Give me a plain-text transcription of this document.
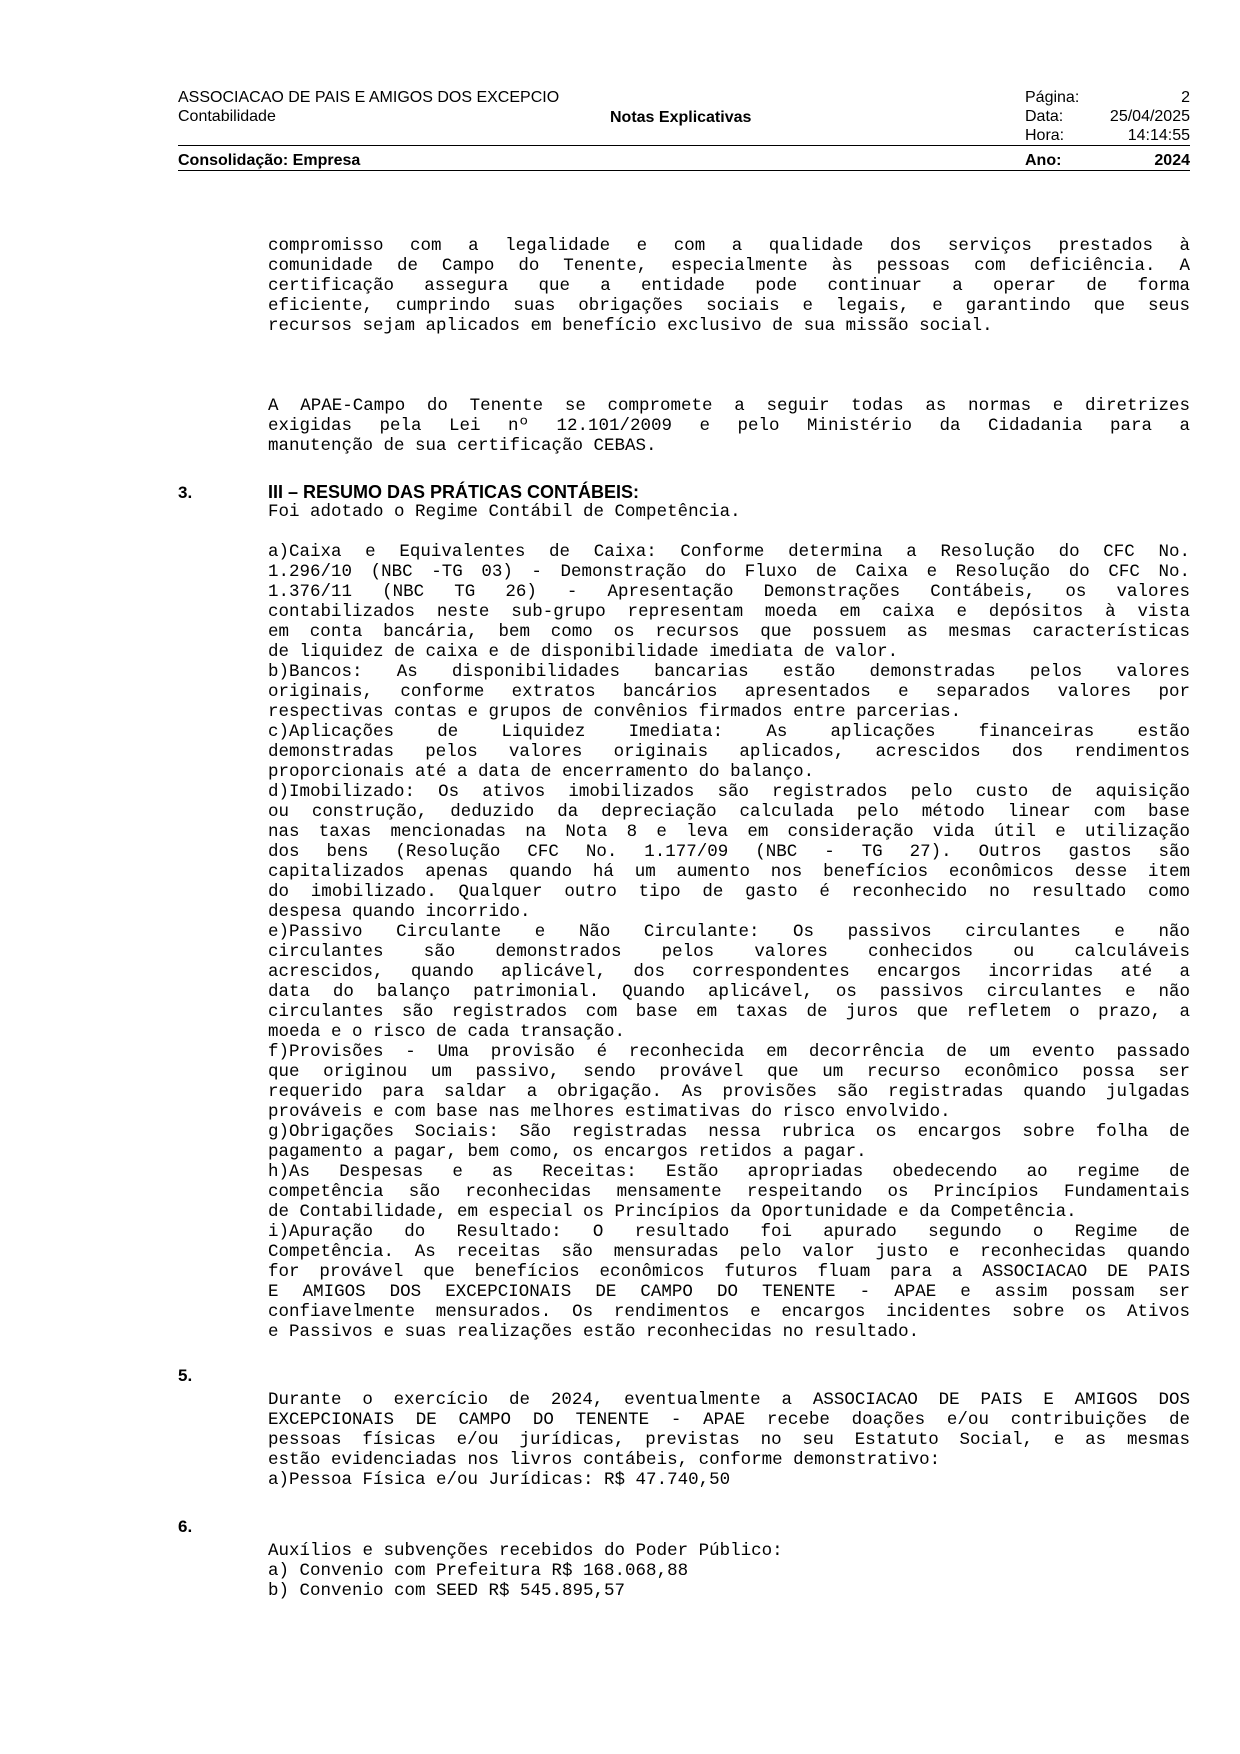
ASSOCIACAO DE PAIS E AMIGOS DOS EXCEPCIO
Contabilidade	Notas Explicativas
Página:	2
Data:	25/04/2025
Hora:	14:14:55
Consolidação: Empresa	Ano:	2024
compromisso com a legalidade e com a qualidade dos serviços prestados à
comunidade de Campo do Tenente, especialmente às pessoas com deficiência. A
certificação assegura que a entidade pode continuar a operar de forma
eficiente, cumprindo suas obrigações sociais e legais, e garantindo que seus
recursos sejam aplicados em benefício exclusivo de sua missão social.
A APAE-Campo do Tenente se compromete a seguir todas as normas e diretrizes
exigidas pela Lei nº 12.101/2009 e pelo Ministério da Cidadania para a
manutenção de sua certificação CEBAS.
3.	III – RESUMO DAS PRÁTICAS CONTÁBEIS:
Foi adotado o Regime Contábil de Competência.
a)Caixa e Equivalentes de Caixa: Conforme determina a Resolução do CFC No.
1.296/10 (NBC -TG 03) - Demonstração do Fluxo de Caixa e Resolução do CFC No.
1.376/11 (NBC TG 26) - Apresentação Demonstrações Contábeis, os valores
contabilizados neste sub-grupo representam moeda em caixa e depósitos à vista
em conta bancária, bem como os recursos que possuem as mesmas características
de liquidez de caixa e de disponibilidade imediata de valor.
b)Bancos: As disponibilidades bancarias estão demonstradas pelos valores
originais, conforme extratos bancários apresentados e separados valores por
respectivas contas e grupos de convênios firmados entre parcerias.
c)Aplicações de Liquidez Imediata: As aplicações financeiras estão
demonstradas pelos valores originais aplicados, acrescidos dos rendimentos
proporcionais até a data de encerramento do balanço.
d)Imobilizado: Os ativos imobilizados são registrados pelo custo de aquisição
ou construção, deduzido da depreciação calculada pelo método linear com base
nas taxas mencionadas na Nota 8 e leva em consideração vida útil e utilização
dos bens (Resolução CFC No. 1.177/09 (NBC - TG 27). Outros gastos são
capitalizados apenas quando há um aumento nos benefícios econômicos desse item
do imobilizado. Qualquer outro tipo de gasto é reconhecido no resultado como
despesa quando incorrido.
e)Passivo Circulante e Não Circulante: Os passivos circulantes e não
circulantes são demonstrados pelos valores conhecidos ou calculáveis
acrescidos, quando aplicável, dos correspondentes encargos incorridas até a
data do balanço patrimonial. Quando aplicável, os passivos circulantes e não
circulantes são registrados com base em taxas de juros que refletem o prazo, a
moeda e o risco de cada transação.
f)Provisões - Uma provisão é reconhecida em decorrência de um evento passado
que originou um passivo, sendo provável que um recurso econômico possa ser
requerido para saldar a obrigação. As provisões são registradas quando julgadas
prováveis e com base nas melhores estimativas do risco envolvido.
g)Obrigações Sociais: São registradas nessa rubrica os encargos sobre folha de
pagamento a pagar, bem como, os encargos retidos a pagar.
h)As Despesas e as Receitas: Estão apropriadas obedecendo ao regime de
competência são reconhecidas mensamente respeitando os Princípios Fundamentais
de Contabilidade, em especial os Princípios da Oportunidade e da Competência.
i)Apuração do Resultado: O resultado foi apurado segundo o Regime de
Competência. As receitas são mensuradas pelo valor justo e reconhecidas quando
for provável que benefícios econômicos futuros fluam para a ASSOCIACAO DE PAIS
E AMIGOS DOS EXCEPCIONAIS DE CAMPO DO TENENTE - APAE e assim possam ser
confiavelmente mensurados. Os rendimentos e encargos incidentes sobre os Ativos
e Passivos e suas realizações estão reconhecidas no resultado.
5.
Durante o exercício de 2024, eventualmente a ASSOCIACAO DE PAIS E AMIGOS DOS
EXCEPCIONAIS DE CAMPO DO TENENTE - APAE recebe doações e/ou contribuições de
pessoas físicas e/ou jurídicas, previstas no seu Estatuto Social, e as mesmas
estão evidenciadas nos livros contábeis, conforme demonstrativo:
a)Pessoa Física e/ou Jurídicas: R$ 47.740,50
6.
Auxílios e subvenções recebidos do Poder Público:
a) Convenio com Prefeitura R$ 168.068,88
b) Convenio com SEED R$ 545.895,57
